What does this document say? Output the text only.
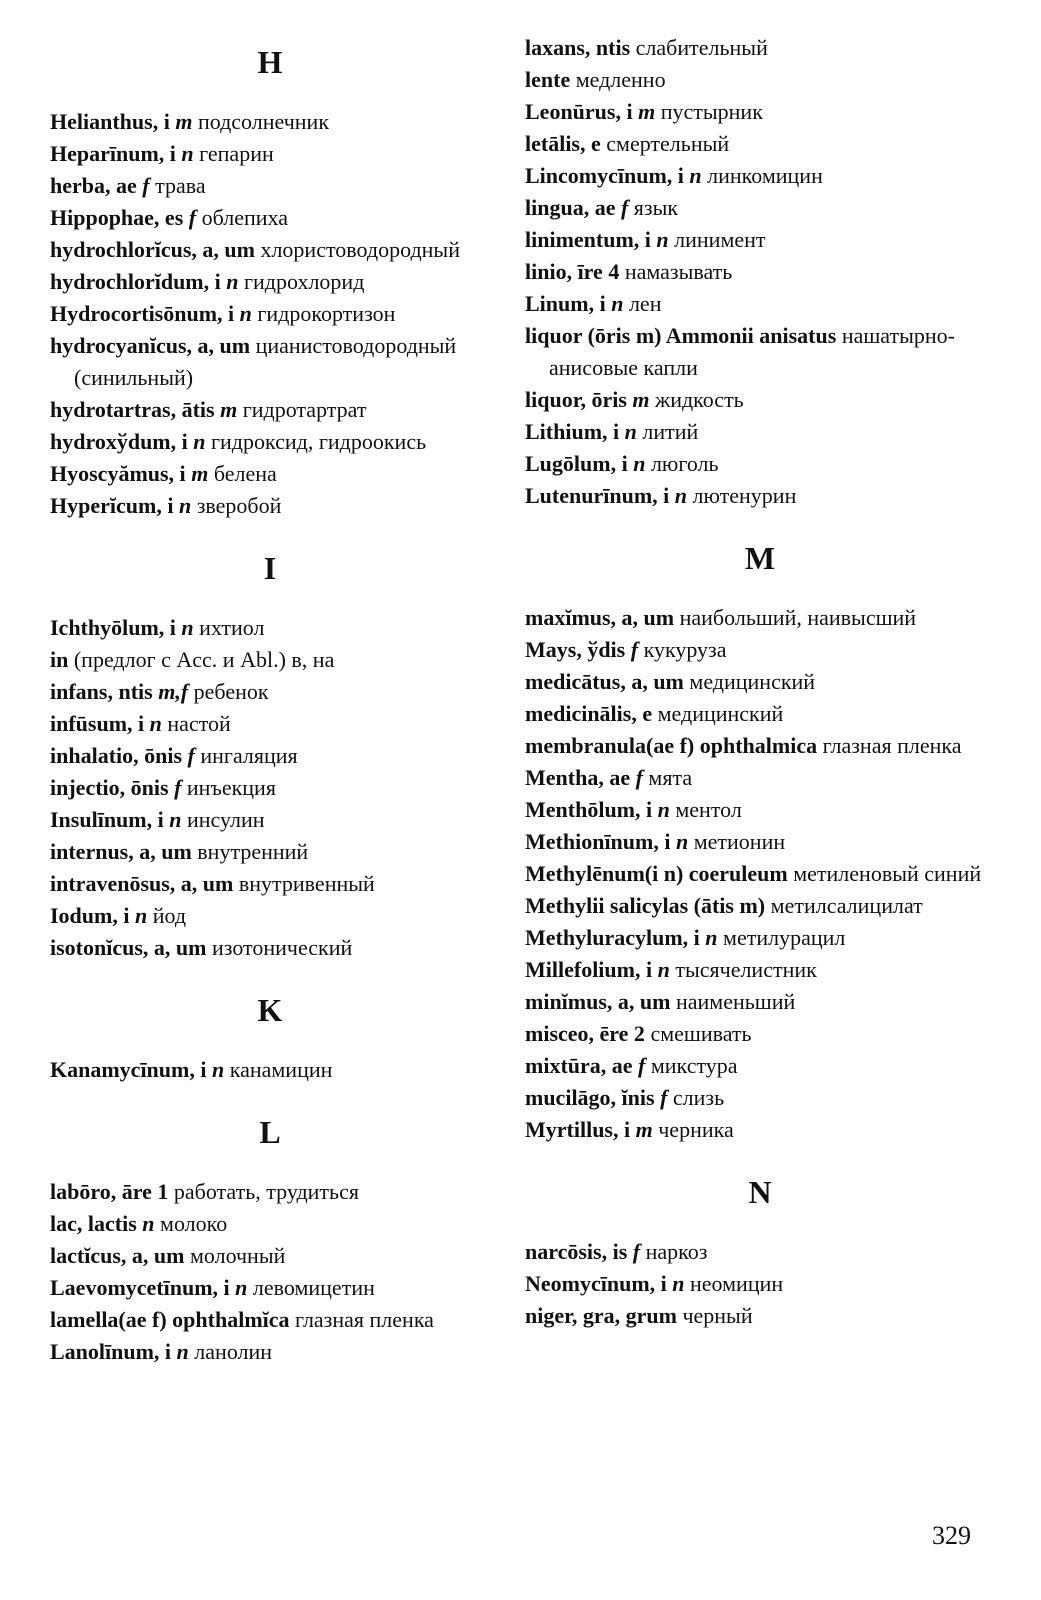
H
Helianthus, i m подсолнечник
Heparīnum, i n гепарин
herba, ae f трава
Hippophae, es f облепиха
hydrochlorĭcus, a, um хлористоводородный
hydrochlorĭdum, i n гидрохлорид
Hydrocortisōnum, i n гидрокортизон
hydrocyanĭcus, a, um цианистоводородный (синильный)
hydrotartras, ātis m гидротартрат
hydroxўdum, i n гидроксид, гидроокись
Hyoscyămus, i m белена
Hyperĭcum, i n зверобой
I
Ichthyōlum, i n ихтиол
in (предлог с Acc. и Abl.) в, на
infans, ntis m,f ребенок
infūsum, i n настой
inhalatio, ōnis f ингаляция
injectio, ōnis f инъекция
Insulīnum, i n инсулин
internus, a, um внутренний
intravenōsus, a, um внутривенный
Iodum, i n йод
isotonĭcus, a, um изотонический
K
Kanamycīnum, i n канамицин
L
labōro, āre 1 работать, трудиться
lac, lactis n молоко
lactĭcus, a, um молочный
Laevomycetīnum, i n левомицетин
lamella(ae f) ophthalmĭca глазная пленка
Lanolīnum, i n ланолин
laxans, ntis слабительный
lente медленно
Leonūrus, i m пустырник
letālis, e смертельный
Lincomycīnum, i n линкомицин
lingua, ae f язык
linimentum, i n линимент
linio, īre 4 намазывать
Linum, i n лен
liquor (ōris m) Ammonii anisatus нашатырно-анисовые капли
liquor, ōris m жидкость
Lithium, i n литий
Lugōlum, i n люголь
Lutenurīnum, i n лютенурин
M
maxĭmus, a, um наибольший, наивысший
Mays, ўdis f кукуруза
medicātus, a, um медицинский
medicinālis, e медицинский
membranula(ae f) ophthalmica глазная пленка
Mentha, ae f мята
Menthōlum, i n ментол
Methionīnum, i n метионин
Methylēnum(i n) coeruleum метиленовый синий
Methylii salicylas (ātis m) метилсалицилат
Methyluracylum, i n метилурацил
Millefolium, i n тысячелистник
minĭmus, a, um наименьший
misceo, ēre 2 смешивать
mixtūra, ae f микстура
mucilāgo, ĭnis f слизь
Myrtillus, i m черника
N
narcōsis, is f наркоз
Neomycīnum, i n неомицин
niger, gra, grum черный
329
